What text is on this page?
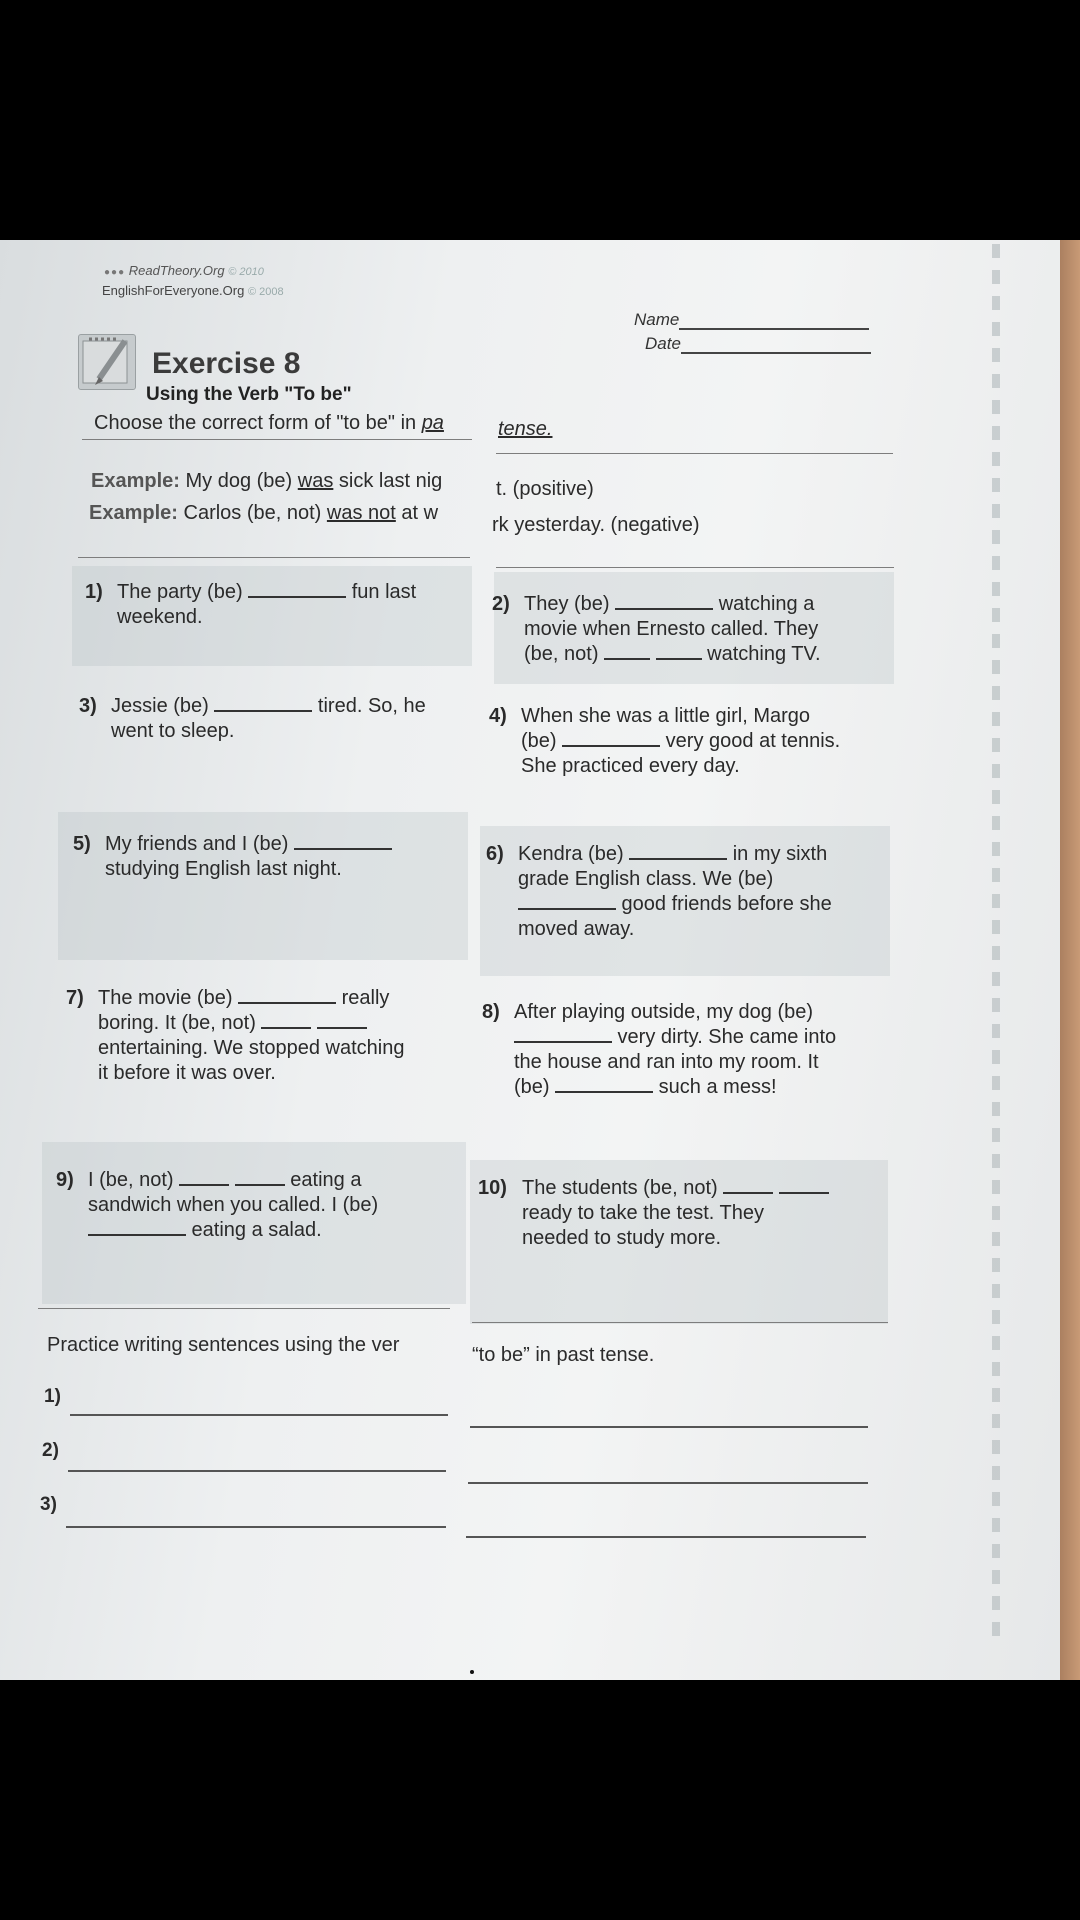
●●● ReadTheory.Org © 2010
EnglishForEveryone.Org © 2008
Name
Date
Exercise 8
Using the Verb "To be"
Choose the correct form of "to be" in pa	tense.
Example: My dog (be) was sick last nig	t. (positive)
Example: Carlos (be, not) was not at w
rk yesterday. (negative)
1) The party (be)	fun last
weekend.
2) They (be)	watching a
movie when Ernesto called. They
(be, not)	watching TV.
3) Jessie (be)	tired. So, he
went to sleep.
4) When she was a little girl, Margo
(be)	very good at tennis.
She practiced every day.
5) My friends and I (be)
studying English last night.
6) Kendra (be)	in my sixth
grade English class. We (be)
good friends before she
moved away.
7) The movie (be)	really
boring. It (be, not)
entertaining. We stopped watching
it before it was over.
8) After playing outside, my dog (be)
very dirty. She came into
the house and ran into my room. It
(be)	such a mess!
9) I (be, not)	eating a
sandwich when you called. I (be)
eating a salad.
10) The students (be, not)
ready to take the test. They
needed to study more.
Practice writing sentences using the ver	“to be” in past tense.
1)
2)
3)
